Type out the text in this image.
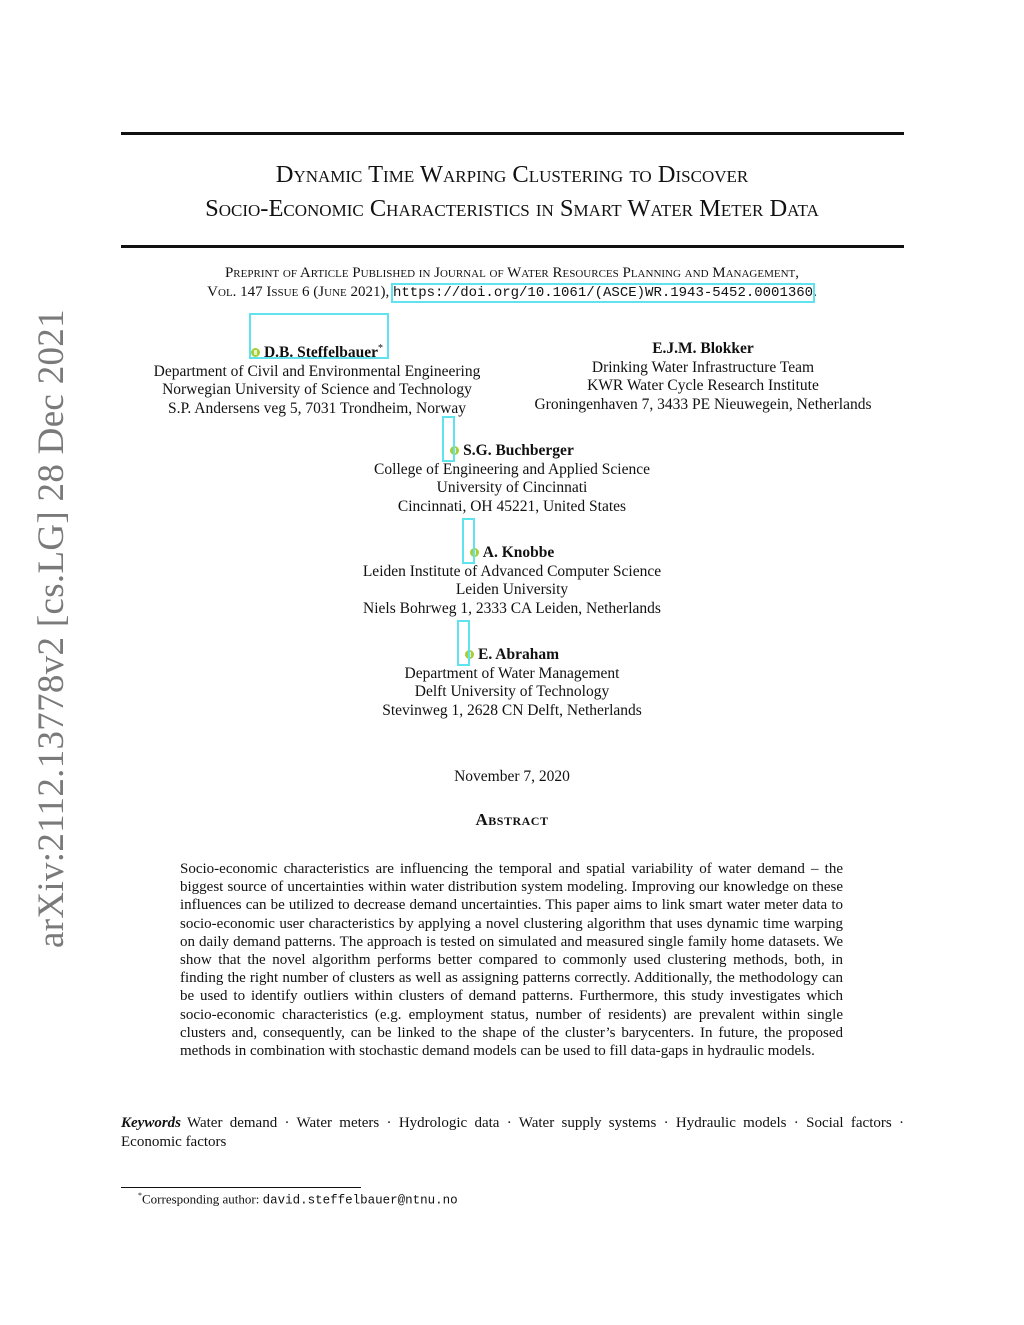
arXiv:2112.13778v2 [cs.LG] 28 Dec 2021
Dynamic Time Warping Clustering to Discover
Socio-Economic Characteristics in Smart Water Meter Data
Preprint of Article Published in Journal of Water Resources Planning and Management,
Vol. 147 Issue 6 (June 2021), https://doi.org/10.1061/(ASCE)WR.1943-5452.0001360.
D.B. Steffelbauer*
Department of Civil and Environmental Engineering
Norwegian University of Science and Technology
S.P. Andersens veg 5, 7031 Trondheim, Norway
E.J.M. Blokker
Drinking Water Infrastructure Team
KWR Water Cycle Research Institute
Groningenhaven 7, 3433 PE Nieuwegein, Netherlands
S.G. Buchberger
College of Engineering and Applied Science
University of Cincinnati
Cincinnati, OH 45221, United States
A. Knobbe
Leiden Institute of Advanced Computer Science
Leiden University
Niels Bohrweg 1, 2333 CA Leiden, Netherlands
E. Abraham
Department of Water Management
Delft University of Technology
Stevinweg 1, 2628 CN Delft, Netherlands
November 7, 2020
Abstract
Socio-economic characteristics are influencing the temporal and spatial variability of water demand – the biggest source of uncertainties within water distribution system modeling. Improving our knowledge on these influences can be utilized to decrease demand uncertainties. This paper aims to link smart water meter data to socio-economic user characteristics by applying a novel clustering algorithm that uses dynamic time warping on daily demand patterns. The approach is tested on simulated and measured single family home datasets. We show that the novel algorithm performs better compared to commonly used clustering methods, both, in finding the right number of clusters as well as assigning patterns correctly. Additionally, the methodology can be used to identify outliers within clusters of demand patterns. Furthermore, this study investigates which socio-economic characteristics (e.g. employment status, number of residents) are prevalent within single clusters and, consequently, can be linked to the shape of the cluster’s barycenters. In future, the proposed methods in combination with stochastic demand models can be used to fill data-gaps in hydraulic models.
Keywords Water demand · Water meters · Hydrologic data · Water supply systems · Hydraulic models · Social factors · Economic factors
*Corresponding author: david.steffelbauer@ntnu.no
